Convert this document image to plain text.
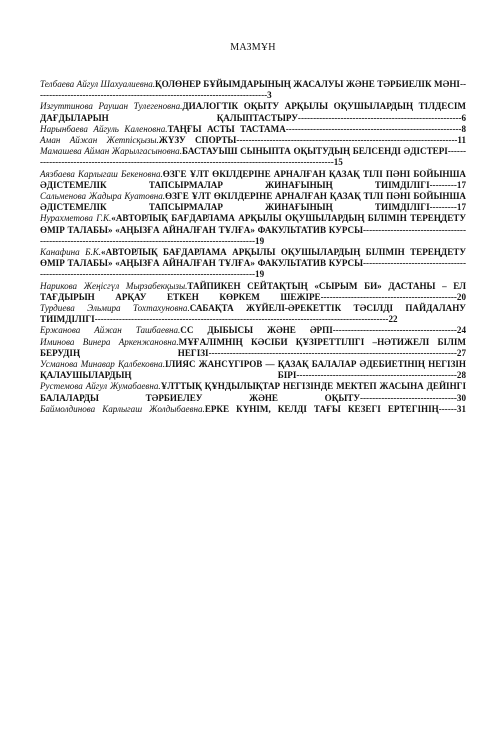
МАЗМҰН

Телбаева Айгул Шахуалиевна.ҚОЛӨНЕР БҰЙЫМДАРЫНЫҢ ЖАСАЛУЫ ЖӘНЕ ТӘРБИЕЛІК МӘНІ-----------------------------------------------------------------------------3

Изгуттинова Раушан Тулегеновна.ДИАЛОГТІК ОҚЫТУ АРҚЫЛЫ ОҚУШЫЛАРДЫҢ ТІЛДЕСІМ ДАҒДЫЛАРЫН ҚАЛЫПТАСТЫРУ------------------------------------------------------6

Нарынбаева Айгуль Каленовна.ТАҢҒЫ АСТЫ ТАСТАМА----------------------------------------------------------8

Аман Айжан Жетпісқызы.ЖҮЗУ СПОРТЫ-------------------------------------------------------------------------11

Мамашева Айман Жарылгасыновна.БАСТАУЫШ СЫНЫПТА ОҚЫТУДЫҢ БЕЛСЕНДІ ӘДІСТЕРІ-------------------------------------------------------------------------------------------------------15

Аязбаева Карлыгаш Бекеновна.ӨЗГЕ ҰЛТ ӨКІЛДЕРІНЕ АРНАЛҒАН ҚАЗАҚ ТІЛІ ПӘНІ БОЙЫНША ӘДІСТЕМЕЛІК ТАПСЫРМАЛАР ЖИНАҒЫНЫҢ ТИІМДІЛІГІ---------17

Сальменова Жадыра Куатовна.ӨЗГЕ ҰЛТ ӨКІЛДЕРІНЕ АРНАЛҒАН ҚАЗАҚ ТІЛІ ПӘНІ БОЙЫНША ӘДІСТЕМЕЛІК ТАПСЫРМАЛАР ЖИНАҒЫНЫҢ ТИІМДІЛІГІ---------17

Нурахметова Г.К.«АВТОРЛЫҚ БАҒДАРЛАМА АРҚЫЛЫ ОҚУШЫЛАРДЫҢ БІЛІМІН ТЕРЕҢДЕТУ ӨМІР ТАЛАБЫ» «АҢЫЗҒА АЙНАЛҒАН ТҰЛҒА» ФАКУЛЬТАТИВ КУРСЫ---------------------------------------------------------------------------------------------------------19

Канафина Б.К.«АВТОРЛЫҚ БАҒДАРЛАМА АРҚЫЛЫ ОҚУШЫЛАРДЫҢ БІЛІМІН ТЕРЕҢДЕТУ ӨМІР ТАЛАБЫ» «АҢЫЗҒА АЙНАЛҒАН ТҰЛҒА» ФАКУЛЬТАТИВ КУРСЫ---------------------------------------------------------------------------------------------------------19

Нарикова Жеңісгүл Мырзабекқызы.ТАЙПИКЕН СЕЙТАҚТЫҢ «СЫРЫМ БИ» ДАСТАНЫ – ЕЛ ТАҒДЫРЫН АРҚАУ ЕТКЕН КӨРКЕМ ШЕЖІРЕ---------------------------------------------20

Турдиева Эльмира Тохтахуновна.САБАҚТА ЖҮЙЕЛІ-ӘРЕКЕТТІК ТӘСІЛДІ ПАЙДАЛАНУ ТИІМДІЛІГІ-------------------------------------------------------------------------------------------------22

Ержанова Айжан Ташбаевна.СС ДЫБЫСЫ ЖӘНЕ ӘРПІ-----------------------------------------24

Иминова Винера Аркенжановна.МҰҒАЛІМНІҢ КӘСІБИ ҚҰЗІРЕТТІЛІГІ –НӘТИЖЕЛІ БІЛІМ БЕРУДІҢ НЕГІЗІ----------------------------------------------------------------------------------27

Усманова Минавар Қалбековна.ІЛИЯС ЖАНСҮГІРОВ — ҚАЗАҚ БАЛАЛАР ӘДЕБИЕТІНІҢ НЕГІЗІН ҚАЛАУШЫЛАРДЫҢ БІРІ-----------------------------------------------------28

Рустемова Айгул Жумабаевна.ҰЛТТЫҚ ҚҰНДЫЛЫҚТАР НЕГІЗІНДЕ МЕКТЕП ЖАСЫНА ДЕЙІНГІ БАЛАЛАРДЫ ТӘРБИЕЛЕУ ЖӘНЕ ОҚЫТУ--------------------------------30

Баймолдинова Карлыгаш Жолдыбаевна.ЕРКЕ КҮНІМ, КЕЛДІ ТАҒЫ КЕЗЕГІ ЕРТЕГІНІҢ------31
